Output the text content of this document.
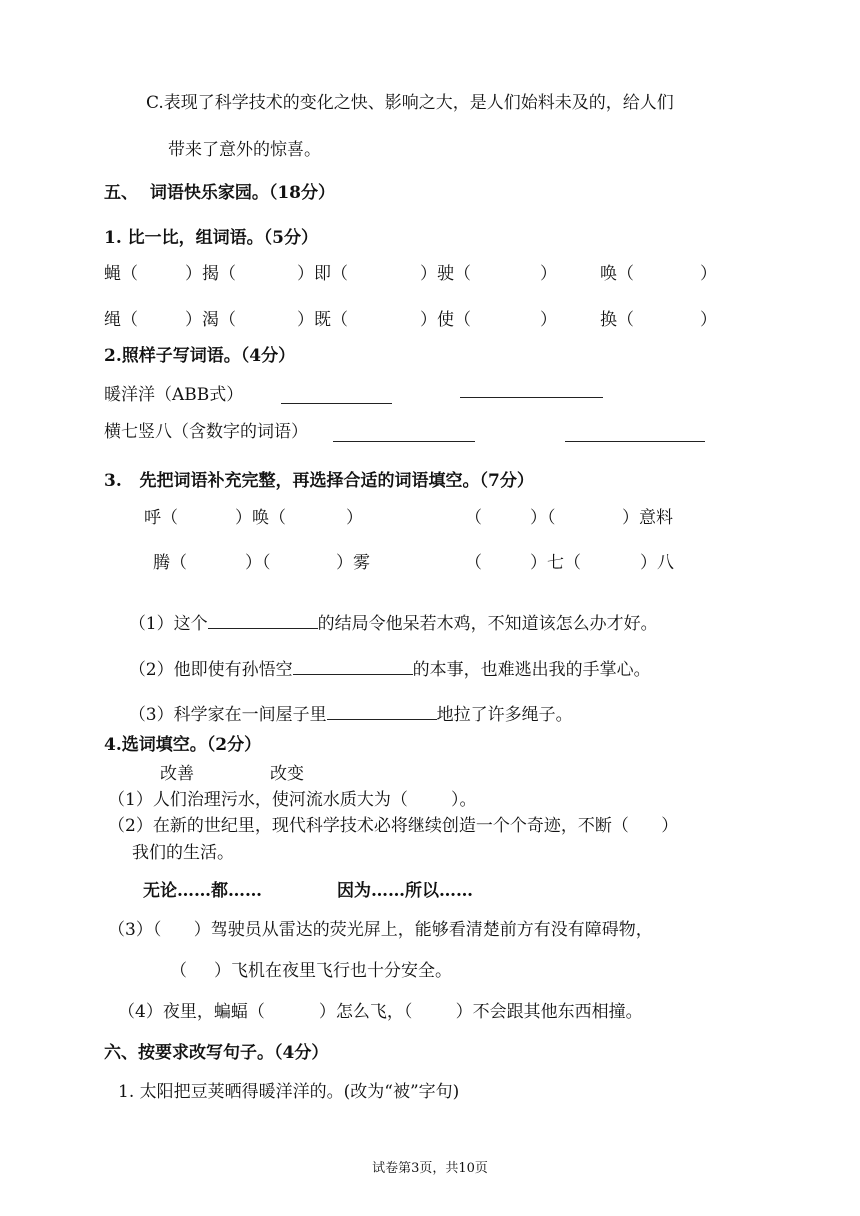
C.表现了科学技术的变化之快、影响之大，是人们始料未及的，给人们
带来了意外的惊喜。
五、  词语快乐家园。（18分）
1. 比一比，组词语。（5分）
蝇（	）揭（	）即（	）驶（	）	唤（	）
绳（	）渴（	）既（	）使（	）	换（	）
2.照样子写词语。（4分）
暖洋洋（ABB式）
横七竖八（含数字的词语）
3.   先把词语补充完整，再选择合适的词语填空。（7分）
呼（	）唤（	）	（	）（	）意料
腾（	）（	）雾	（	）七（	）八

（1）这个	的结局令他呆若木鸡，不知道该怎么办才好。

（2）他即使有孙悟空	的本事，也难逃出我的手掌心。

（3）科学家在一间屋子里	地拉了许多绳子。

4.选词填空。（2分）
改善	改变
（1）人们治理污水，使河流水质大为（        ）。
（2）在新的世纪里，现代科学技术必将继续创造一个个奇迹，不断（      ）
我们的生活。
无论……都……	因为……所以……
（3）（      ）驾驶员从雷达的荧光屏上，能够看清楚前方有没有障碍物，
（     ）飞机在夜里飞行也十分安全。
（4）夜里，蝙蝠（          ）怎么飞，（        ）不会跟其他东西相撞。
六、按要求改写句子。（4分）
1. 太阳把豆荚晒得暖洋洋的。(改为“被”字句)
试卷第3页，共10页
